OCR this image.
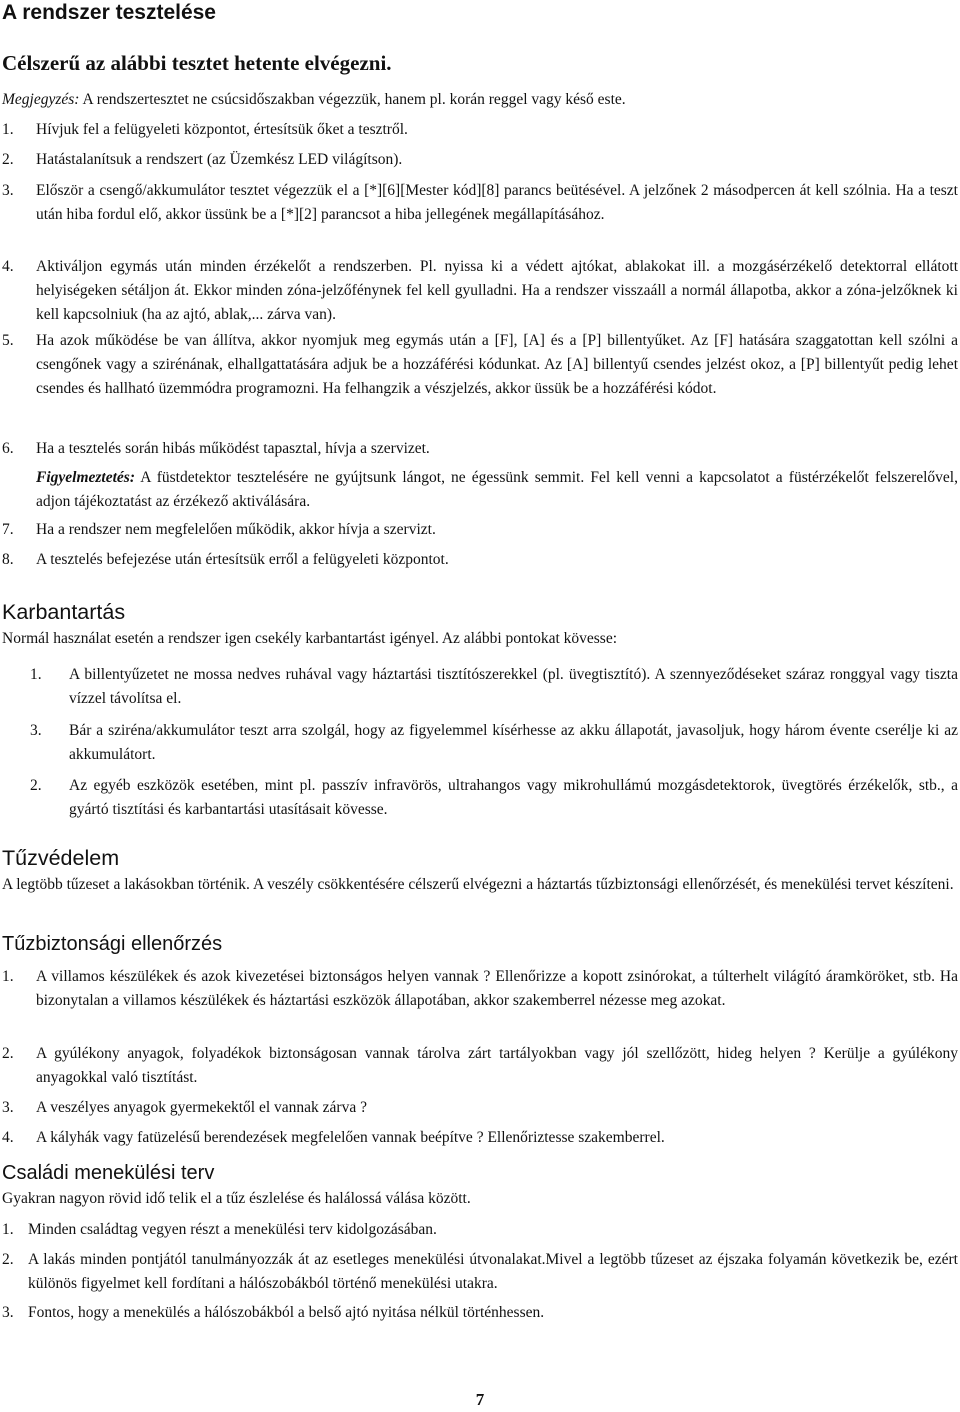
A rendszer tesztelése
Célszerű az alábbi tesztet hetente elvégezni.
Megjegyzés: A rendszertesztet ne csúcsidőszakban végezzük, hanem pl. korán reggel vagy késő este.
1. Hívjuk fel a felügyeleti központot, értesítsük őket a tesztről.
2. Hatástalanítsuk a rendszert (az Üzemkész LED világítson).
3. Először a csengő/akkumulátor tesztet végezzük el a [*][6][Mester kód][8] parancs beütésével. A jelzőnek 2 másodpercen át kell szólnia. Ha a teszt után hiba fordul elő, akkor üssünk be a [*][2] parancsot a hiba jellegének megállapításához.
4. Aktiváljon egymás után minden érzékelőt a rendszerben. Pl. nyissa ki a védett ajtókat, ablakokat ill. a mozgásérzékelő detektorral ellátott helyiségeken sétáljon át. Ekkor minden zóna-jelzőfénynek fel kell gyulladni. Ha a rendszer visszaáll a normál állapotba, akkor a zóna-jelzőknek ki kell kapcsolniuk (ha az ajtó, ablak,... zárva van).
5. Ha azok működése be van állítva, akkor nyomjuk meg egymás után a [F], [A] és a [P] billentyűket. Az [F] hatására szaggatottan kell szólni a csengőnek vagy a szirénának, elhallgattatására adjuk be a hozzáférési kódunkat. Az [A] billentyű csendes jelzést okoz, a [P] billentyűt pedig lehet csendes és hallható üzemmódra programozni. Ha felhangzik a vészjelzés, akkor üssük be a hozzáférési kódot.
6. Ha a tesztelés során hibás működést tapasztal, hívja a szervizet.
Figyelmeztetés: A füstdetektor tesztelésére ne gyújtsunk lángot, ne égessünk semmit. Fel kell venni a kapcsolatot a füstérzékelőt felszerelővel, adjon tájékoztatást az érzékező aktiválására.
7. Ha a rendszer nem megfelelően működik, akkor hívja a szervizt.
8. A tesztelés befejezése után értesítsük erről a felügyeleti központot.
Karbantartás
Normál használat esetén a rendszer igen csekély karbantartást igényel. Az alábbi pontokat kövesse:
1. A billentyűzetet ne mossa nedves ruhával vagy háztartási tisztítószerekkel (pl. üvegtisztító). A szennyeződéseket száraz ronggyal vagy tiszta vízzel távolítsa el.
3. Bár a sziréna/akkumulátor teszt arra szolgál, hogy az figyelemmel kísérhesse az akku állapotát, javasoljuk, hogy három évente cserélje ki az akkumulátort.
2. Az egyéb eszközök esetében, mint pl. passzív infravörös, ultrahangos vagy mikrohullámú mozgásdetektorok, üvegtörés érzékelők, stb., a gyártó tisztítási és karbantartási utasításait kövesse.
Tűzvédelem
A legtöbb tűzeset a lakásokban történik. A veszély csökkentésére célszerű elvégezni a háztartás tűzbiztonsági ellenőrzését, és menekülési tervet készíteni.
Tűzbiztonsági ellenőrzés
1. A villamos készülékek és azok kivezetései biztonságos helyen vannak ? Ellenőrizze a kopott zsinórokat, a túlterhelt világító áramköröket, stb. Ha bizonytalan a villamos készülékek és háztartási eszközök állapotában, akkor szakemberrel nézesse meg azokat.
2. A gyúlékony anyagok, folyadékok biztonságosan vannak tárolva zárt tartályokban vagy jól szellőzött, hideg helyen ? Kerülje a gyúlékony anyagokkal való tisztítást.
3. A veszélyes anyagok gyermekektől el vannak zárva ?
4. A kályhák vagy fatüzelésű berendezések megfelelően vannak beépítve ? Ellenőriztesse szakemberrel.
Családi menekülési terv
Gyakran nagyon rövid idő telik el a tűz észlelése és halálossá válása között.
1. Minden családtag vegyen részt a menekülési terv kidolgozásában.
2. A lakás minden pontjától tanulmányozzák át az esetleges menekülési útvonalakat.Mivel a legtöbb tűzeset az éjszaka folyamán következik be, ezért különös figyelmet kell fordítani a hálószobákból történő menekülési utakra.
3. Fontos, hogy a menekülés a hálószobákból a belső ajtó nyitása nélkül történhessen.
7
